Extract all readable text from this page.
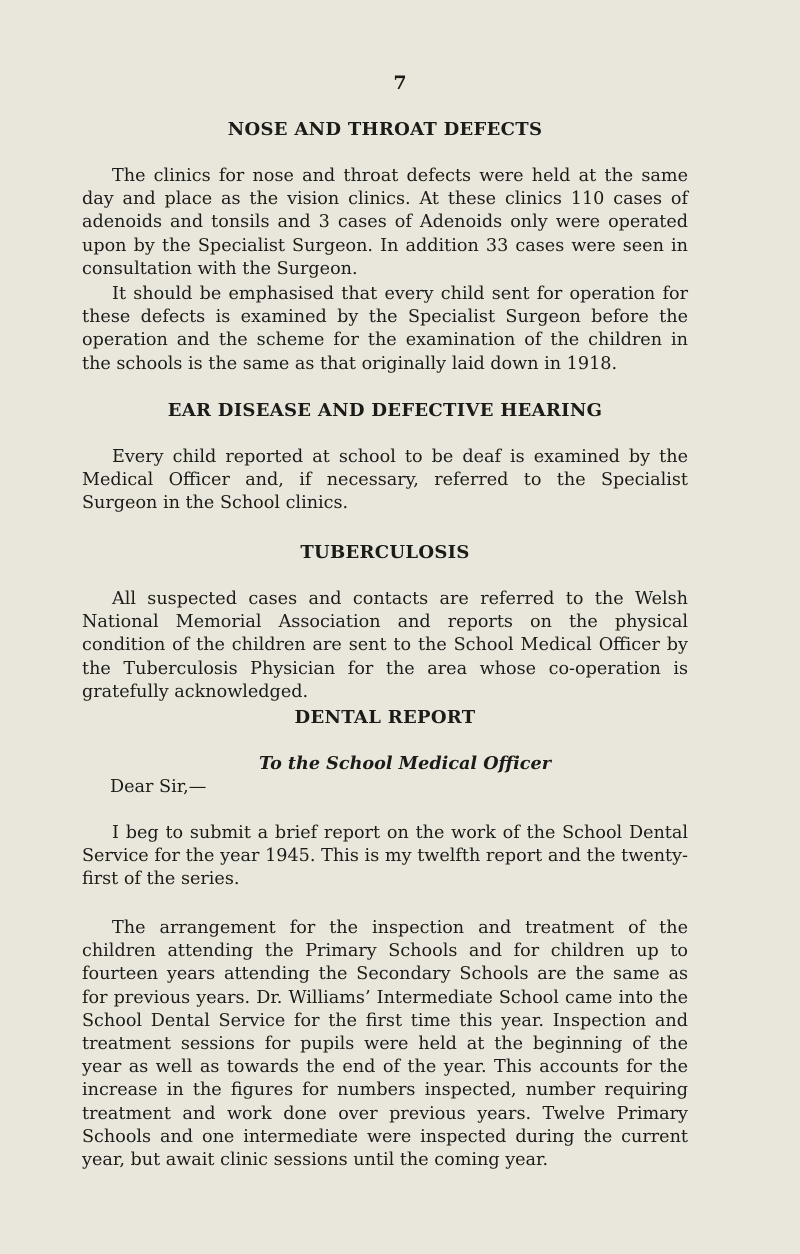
7
NOSE AND THROAT DEFECTS

The clinics for nose and throat defects were held at the same day and place as the vision clinics. At these clinics 110 cases of adenoids and tonsils and 3 cases of Adenoids only were operated upon by the Specialist Surgeon. In addition 33 cases were seen in consultation with the Surgeon.

It should be emphasised that every child sent for operation for these defects is examined by the Specialist Surgeon before the operation and the scheme for the examination of the children in the schools is the same as that originally laid down in 1918.

EAR DISEASE AND DEFECTIVE HEARING

Every child reported at school to be deaf is examined by the Medical Officer and, if necessary, referred to the Specialist Surgeon in the School clinics.

TUBERCULOSIS

All suspected cases and contacts are referred to the Welsh National Memorial Association and reports on the physical condition of the children are sent to the School Medical Officer by the Tuberculosis Physician for the area whose co-operation is gratefully acknowledged.

DENTAL REPORT

To the School Medical Officer

Dear Sir,—

I beg to submit a brief report on the work of the School Dental Service for the year 1945. This is my twelfth report and the twenty-first of the series.

The arrangement for the inspection and treatment of the children attending the Primary Schools and for children up to fourteen years attending the Secondary Schools are the same as for previous years. Dr. Williams’ Intermediate School came into the School Dental Service for the first time this year. Inspection and treatment sessions for pupils were held at the beginning of the year as well as towards the end of the year. This accounts for the increase in the figures for numbers inspected, number requiring treatment and work done over previous years. Twelve Primary Schools and one intermediate were inspected during the current year, but await clinic sessions until the coming year.
